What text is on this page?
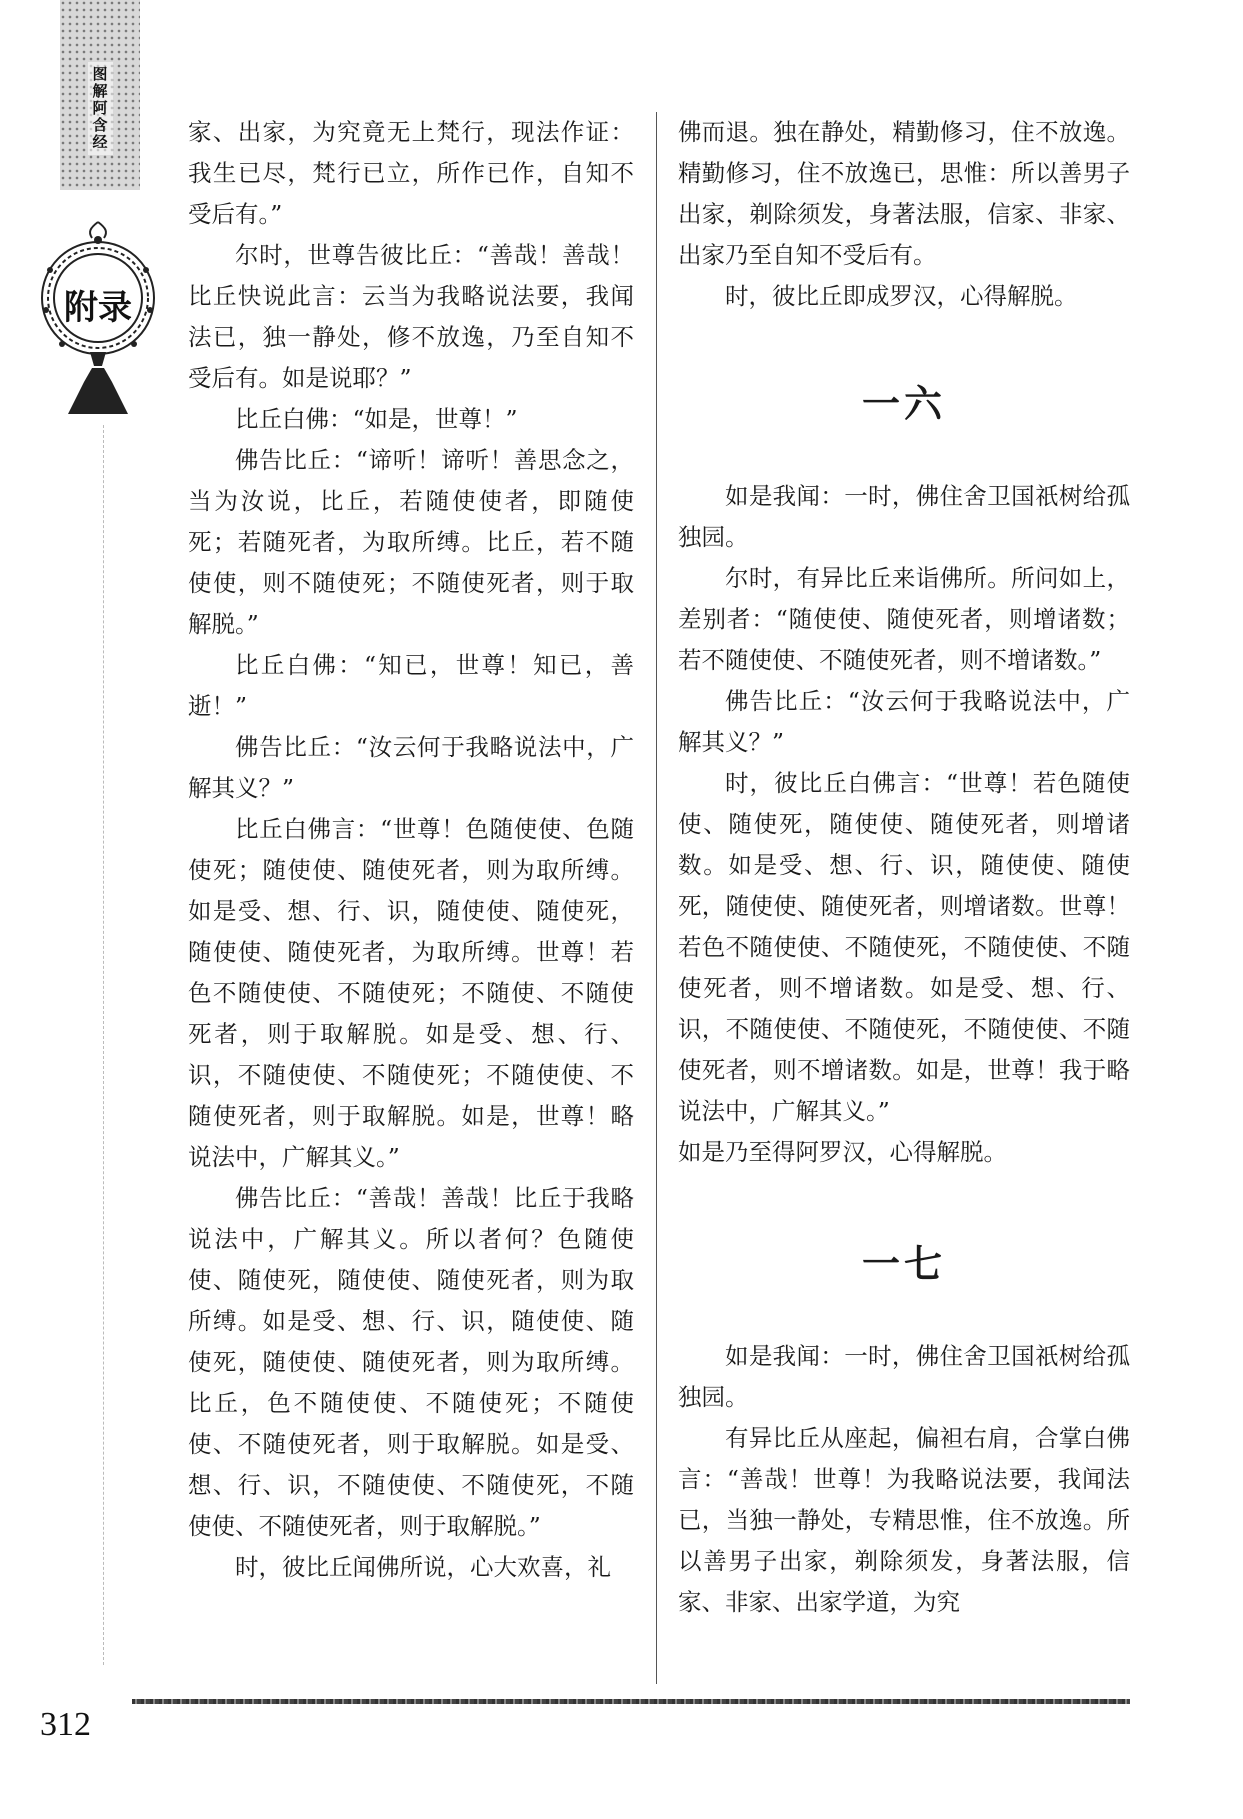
图解阿含经
附录

家、出家，为究竟无上梵行，现法作证：我生已尽，梵行已立，所作已作，自知不受后有。”

尔时，世尊告彼比丘：“善哉！善哉！比丘快说此言：云当为我略说法要，我闻法已，独一静处，修不放逸，乃至自知不受后有。如是说耶？”

比丘白佛：“如是，世尊！”

佛告比丘：“谛听！谛听！善思念之，当为汝说，比丘，若随使使者，即随使死；若随死者，为取所缚。比丘，若不随使使，则不随使死；不随使死者，则于取解脱。”

比丘白佛：“知已，世尊！知已，善逝！”

佛告比丘：“汝云何于我略说法中，广解其义？”

比丘白佛言：“世尊！色随使使、色随使死；随使使、随使死者，则为取所缚。如是受、想、行、识，随使使、随使死，随使使、随使死者，为取所缚。世尊！若色不随使使、不随使死；不随使、不随使死者，则于取解脱。如是受、想、行、识，不随使使、不随使死；不随使使、不随使死者，则于取解脱。如是，世尊！略说法中，广解其义。”

佛告比丘：“善哉！善哉！比丘于我略说法中，广解其义。所以者何？色随使使、随使死，随使使、随使死者，则为取所缚。如是受、想、行、识，随使使、随使死，随使使、随使死者，则为取所缚。比丘，色不随使使、不随使死；不随使使、不随使死者，则于取解脱。如是受、想、行、识，不随使使、不随使死，不随使使、不随使死者，则于取解脱。”

时，彼比丘闻佛所说，心大欢喜，礼

佛而退。独在静处，精勤修习，住不放逸。精勤修习，住不放逸已，思惟：所以善男子出家，剃除须发，身著法服，信家、非家、出家乃至自知不受后有。

时，彼比丘即成罗汉，心得解脱。

一六

如是我闻：一时，佛住舍卫国祇树给孤独园。

尔时，有异比丘来诣佛所。所问如上，差别者：“随使使、随使死者，则增诸数；若不随使使、不随使死者，则不增诸数。”

佛告比丘：“汝云何于我略说法中，广解其义？”

时，彼比丘白佛言：“世尊！若色随使使、随使死，随使使、随使死者，则增诸数。如是受、想、行、识，随使使、随使死，随使使、随使死者，则增诸数。世尊！若色不随使使、不随使死，不随使使、不随使死者，则不增诸数。如是受、想、行、识，不随使使、不随使死，不随使使、不随使死者，则不增诸数。如是，世尊！我于略说法中，广解其义。”

如是乃至得阿罗汉，心得解脱。

一七

如是我闻：一时，佛住舍卫国祇树给孤独园。

有异比丘从座起，偏袒右肩，合掌白佛言：“善哉！世尊！为我略说法要，我闻法已，当独一静处，专精思惟，住不放逸。所以善男子出家，剃除须发，身著法服，信家、非家、出家学道，为究

312
